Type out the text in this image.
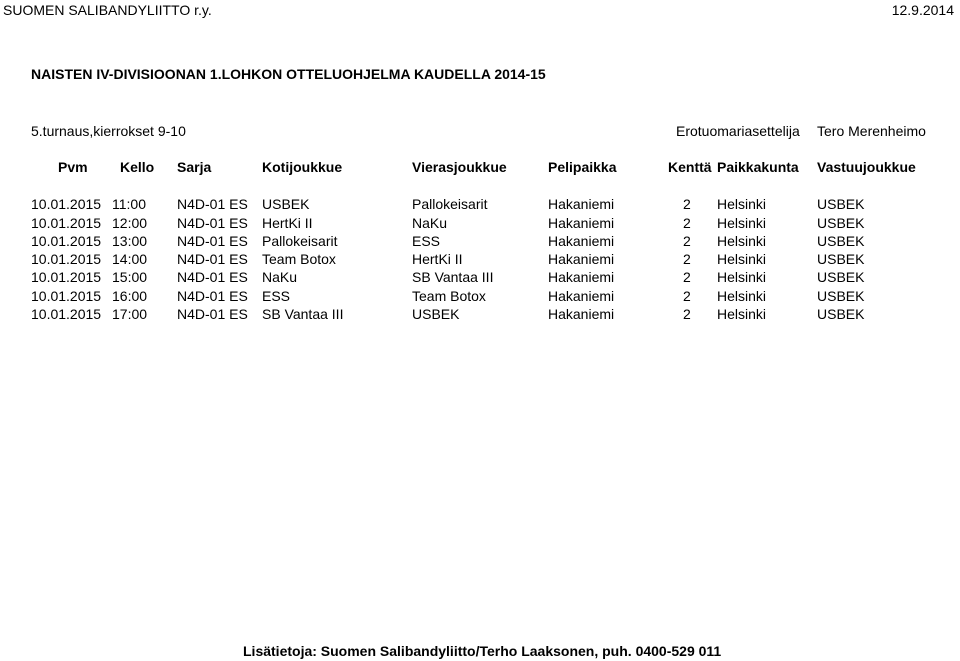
SUOMEN SALIBANDYLIITTO r.y.	12.9.2014
NAISTEN IV-DIVISIOONAN 1.LOHKON OTTELUOHJELMA KAUDELLA 2014-15
5.turnaus,kierrokset 9-10	Erotuomariasettelija Tero Merenheimo
Pvm Kello Sarja	Kotijoukkue	Vierasjoukkue	Pelipaikka	Kenttä Paikkakunta Vastuujoukkue
10.01.2015 11:00 N4D-01 ES USBEK	Pallokeisarit	Hakaniemi	2 Helsinki	USBEK
10.01.2015 12:00 N4D-01 ES HertKi II	NaKu	Hakaniemi	2 Helsinki	USBEK
10.01.2015 13:00 N4D-01 ES Pallokeisarit	ESS	Hakaniemi	2 Helsinki	USBEK
10.01.2015 14:00 N4D-01 ES Team Botox	HertKi II	Hakaniemi	2 Helsinki	USBEK
10.01.2015 15:00 N4D-01 ES NaKu	SB Vantaa III	Hakaniemi	2 Helsinki	USBEK
10.01.2015 16:00 N4D-01 ES ESS	Team Botox	Hakaniemi	2 Helsinki	USBEK
10.01.2015 17:00 N4D-01 ES SB Vantaa III	USBEK	Hakaniemi	2 Helsinki	USBEK
Lisätietoja: Suomen Salibandyliitto/Terho Laaksonen, puh. 0400-529 011
